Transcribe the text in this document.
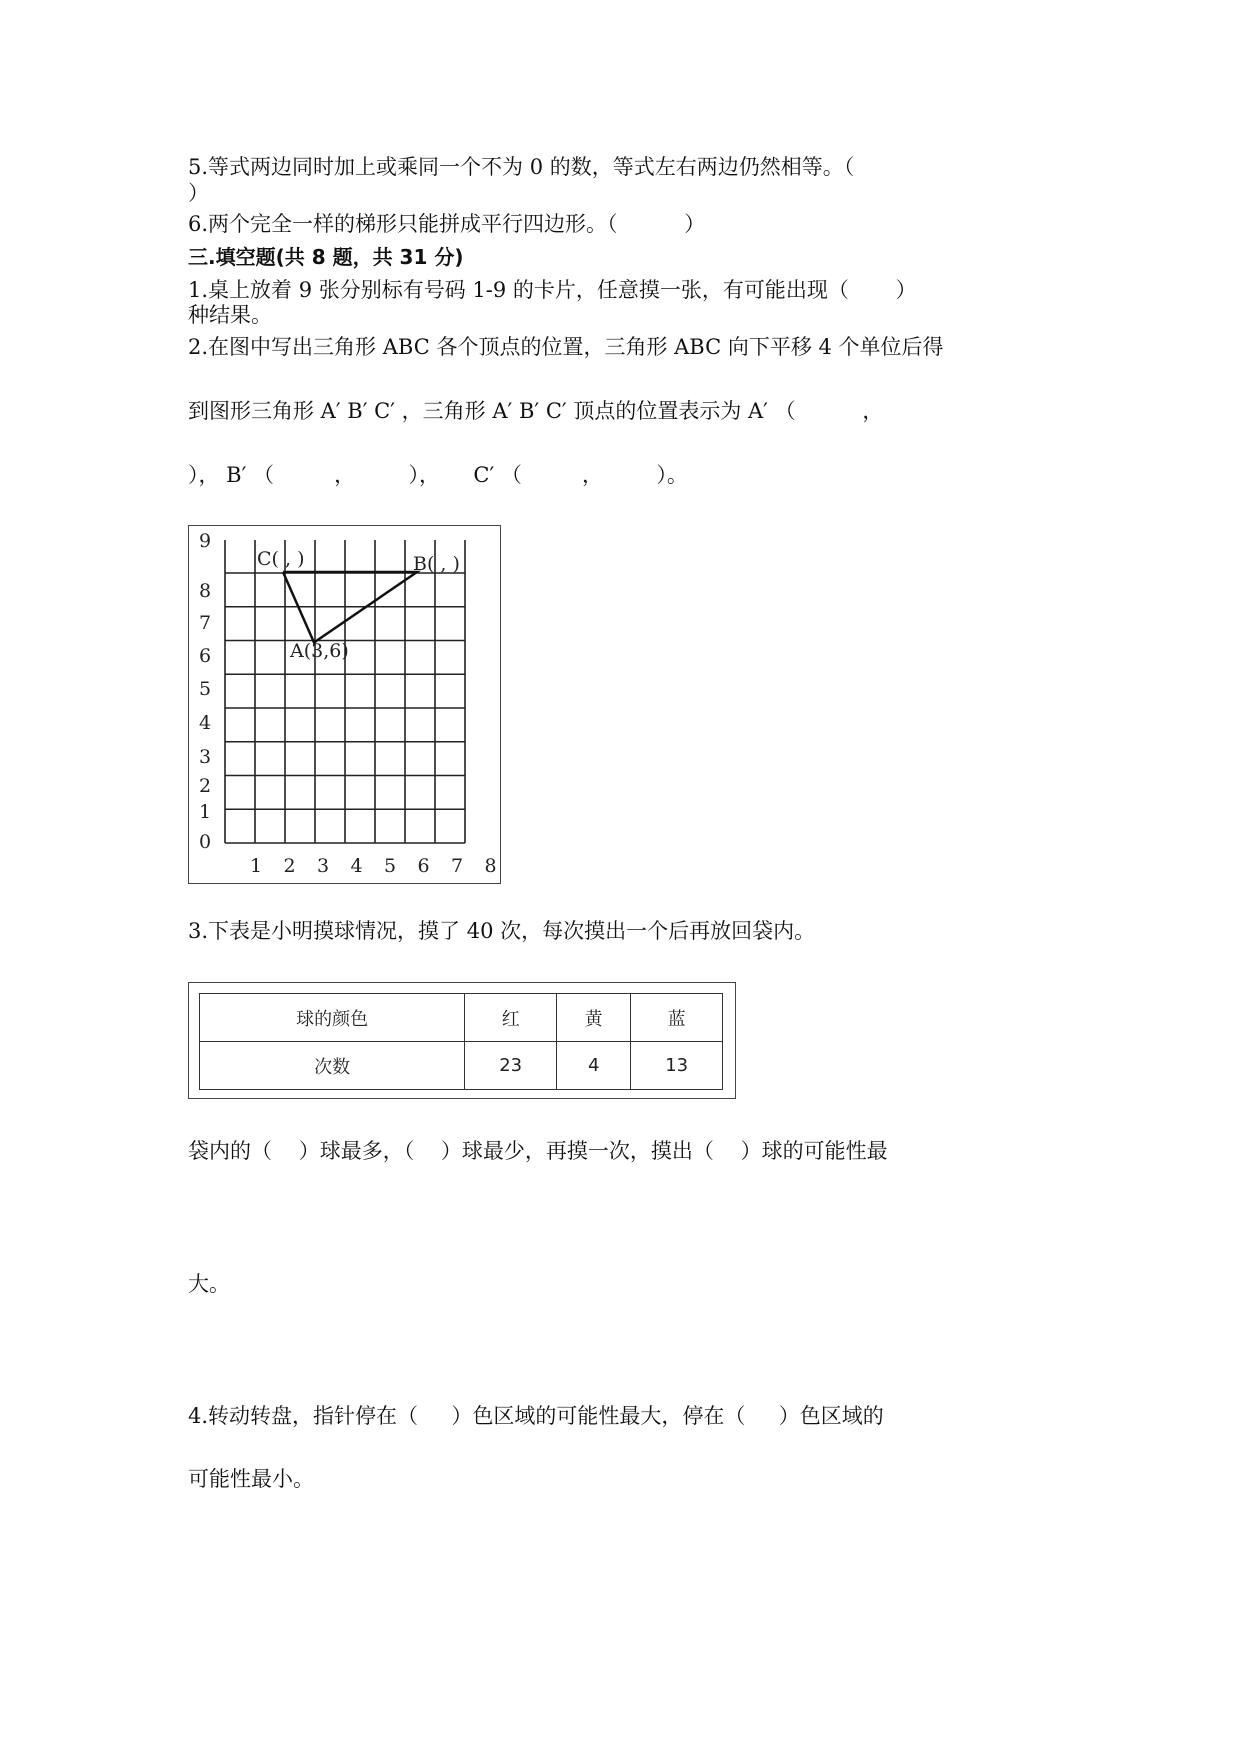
5.等式两边同时加上或乘同一个不为 0 的数，等式左右两边仍然相等。（
）
6.两个完全一样的梯形只能拼成平行四边形。（          ）
三.填空题(共 8 题，共 31 分)
1.桌上放着 9 张分别标有号码 1-9 的卡片，任意摸一张，有可能出现（       ）
种结果。
2.在图中写出三角形 ABC 各个顶点的位置，三角形 ABC 向下平移 4 个单位后得
到图形三角形 A′ B′ C′ ，三角形 A′ B′ C′ 顶点的位置表示为 A′ （          ，
）， B′ （         ，        ），     C′ （         ，        ）。
0
1
2
3
4
5
6
7
8
9
1 2 3 4 5 6 7 8
A(3,6)
B( , )
C( , )
3.下表是小明摸球情况，摸了 40 次，每次摸出一个后再放回袋内。
球的颜色	红	黄	蓝
次数	23	4	13
袋内的（    ）球最多，（    ）球最少，再摸一次，摸出（    ）球的可能性最
大。
4.转动转盘，指针停在（     ）色区域的可能性最大，停在（     ）色区域的
可能性最小。
